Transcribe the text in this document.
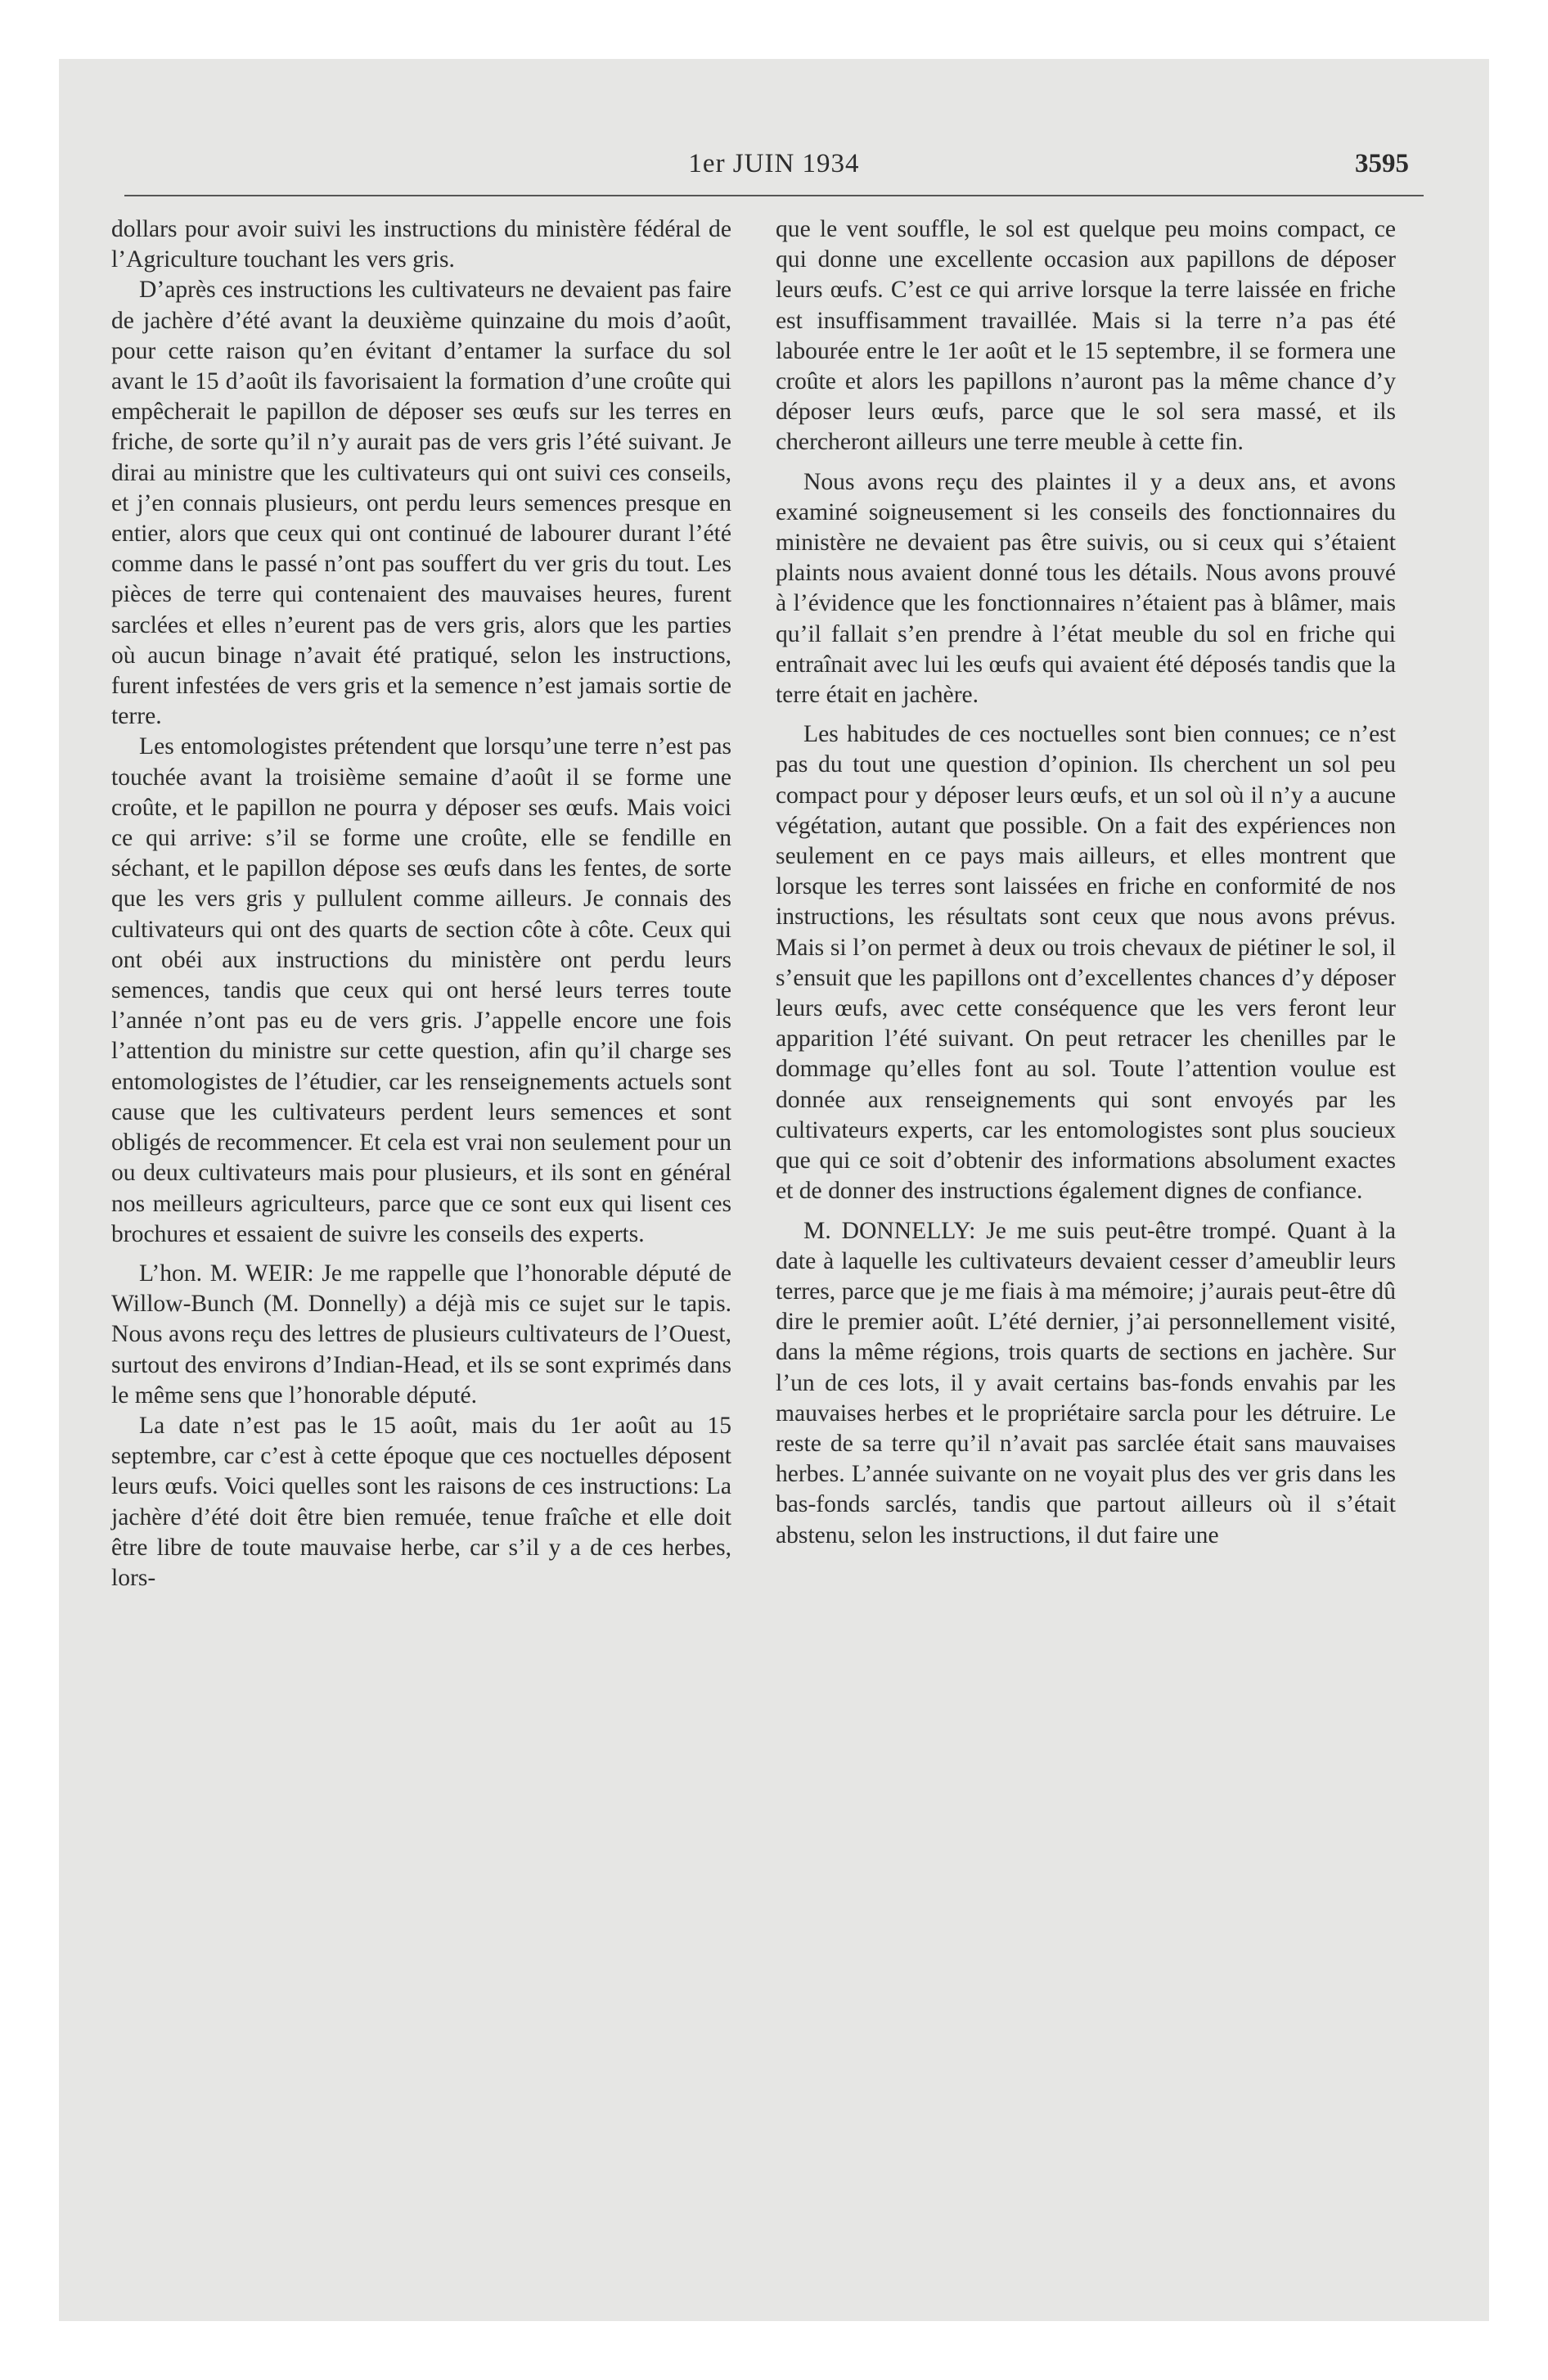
1er JUIN 1934	3595

dollars pour avoir suivi les instructions du ministère fédéral de l’Agriculture touchant les vers gris.

D’après ces instructions les cultivateurs ne devaient pas faire de jachère d’été avant la deuxième quinzaine du mois d’août, pour cette raison qu’en évitant d’entamer la surface du sol avant le 15 d’août ils favorisaient la formation d’une croûte qui empêcherait le papillon de déposer ses œufs sur les terres en friche, de sorte qu’il n’y aurait pas de vers gris l’été suivant. Je dirai au ministre que les cultivateurs qui ont suivi ces conseils, et j’en connais plusieurs, ont perdu leurs semences presque en entier, alors que ceux qui ont continué de labourer durant l’été comme dans le passé n’ont pas souffert du ver gris du tout. Les pièces de terre qui contenaient des mauvaises heures, furent sarclées et elles n’eurent pas de vers gris, alors que les parties où aucun binage n’avait été pratiqué, selon les instructions, furent infestées de vers gris et la semence n’est jamais sortie de terre.

Les entomologistes prétendent que lorsqu’une terre n’est pas touchée avant la troisième semaine d’août il se forme une croûte, et le papillon ne pourra y déposer ses œufs. Mais voici ce qui arrive: s’il se forme une croûte, elle se fendille en séchant, et le papillon dépose ses œufs dans les fentes, de sorte que les vers gris y pullulent comme ailleurs. Je connais des cultivateurs qui ont des quarts de section côte à côte. Ceux qui ont obéi aux instructions du ministère ont perdu leurs semences, tandis que ceux qui ont hersé leurs terres toute l’année n’ont pas eu de vers gris. J’appelle encore une fois l’attention du ministre sur cette question, afin qu’il charge ses entomologistes de l’étudier, car les renseignements actuels sont cause que les cultivateurs perdent leurs semences et sont obligés de recommencer. Et cela est vrai non seulement pour un ou deux cultivateurs mais pour plusieurs, et ils sont en général nos meilleurs agriculteurs, parce que ce sont eux qui lisent ces brochures et essaient de suivre les conseils des experts.

L’hon. M. WEIR: Je me rappelle que l’honorable député de Willow-Bunch (M. Donnelly) a déjà mis ce sujet sur le tapis. Nous avons reçu des lettres de plusieurs cultivateurs de l’Ouest, surtout des environs d’Indian-Head, et ils se sont exprimés dans le même sens que l’honorable député.

La date n’est pas le 15 août, mais du 1er août au 15 septembre, car c’est à cette époque que ces noctuelles déposent leurs œufs. Voici quelles sont les raisons de ces instructions: La jachère d’été doit être bien remuée, tenue fraîche et elle doit être libre de toute mauvaise herbe, car s’il y a de ces herbes, lors-

que le vent souffle, le sol est quelque peu moins compact, ce qui donne une excellente occasion aux papillons de déposer leurs œufs. C’est ce qui arrive lorsque la terre laissée en friche est insuffisamment travaillée. Mais si la terre n’a pas été labourée entre le 1er août et le 15 septembre, il se formera une croûte et alors les papillons n’auront pas la même chance d’y déposer leurs œufs, parce que le sol sera massé, et ils chercheront ailleurs une terre meuble à cette fin.

Nous avons reçu des plaintes il y a deux ans, et avons examiné soigneusement si les conseils des fonctionnaires du ministère ne devaient pas être suivis, ou si ceux qui s’étaient plaints nous avaient donné tous les détails. Nous avons prouvé à l’évidence que les fonctionnaires n’étaient pas à blâmer, mais qu’il fallait s’en prendre à l’état meuble du sol en friche qui entraînait avec lui les œufs qui avaient été déposés tandis que la terre était en jachère.

Les habitudes de ces noctuelles sont bien connues; ce n’est pas du tout une question d’opinion. Ils cherchent un sol peu compact pour y déposer leurs œufs, et un sol où il n’y a aucune végétation, autant que possible. On a fait des expériences non seulement en ce pays mais ailleurs, et elles montrent que lorsque les terres sont laissées en friche en conformité de nos instructions, les résultats sont ceux que nous avons prévus. Mais si l’on permet à deux ou trois chevaux de piétiner le sol, il s’ensuit que les papillons ont d’excellentes chances d’y déposer leurs œufs, avec cette conséquence que les vers feront leur apparition l’été suivant. On peut retracer les chenilles par le dommage qu’elles font au sol. Toute l’attention voulue est donnée aux renseignements qui sont envoyés par les cultivateurs experts, car les entomologistes sont plus soucieux que qui ce soit d’obtenir des informations absolument exactes et de donner des instructions également dignes de confiance.

M. DONNELLY: Je me suis peut-être trompé. Quant à la date à laquelle les cultivateurs devaient cesser d’ameublir leurs terres, parce que je me fiais à ma mémoire; j’aurais peut-être dû dire le premier août. L’été dernier, j’ai personnellement visité, dans la même régions, trois quarts de sections en jachère. Sur l’un de ces lots, il y avait certains bas-fonds envahis par les mauvaises herbes et le propriétaire sarcla pour les détruire. Le reste de sa terre qu’il n’avait pas sarclée était sans mauvaises herbes. L’année suivante on ne voyait plus des ver gris dans les bas-fonds sarclés, tandis que partout ailleurs où il s’était abstenu, selon les instructions, il dut faire une
